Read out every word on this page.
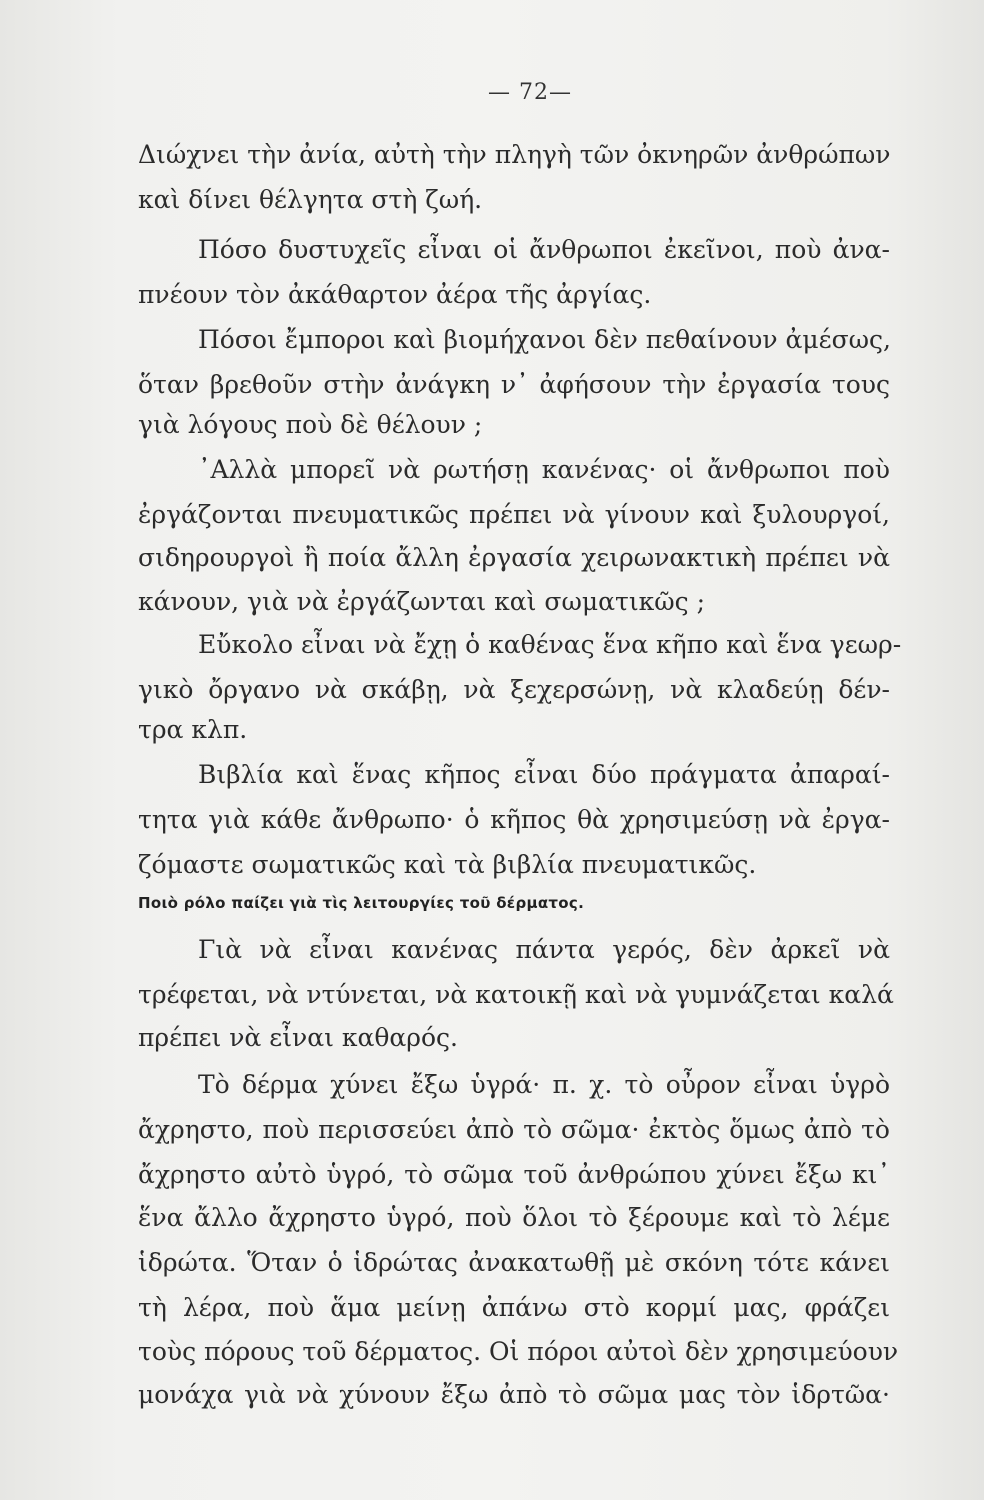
— 72—
Διώχνει τὴν ἀνία, αὐτὴ τὴν πληγὴ τῶν ὀκνηρῶν ἀνθρώπων
καὶ δίνει θέλγητα στὴ ζωή.
Πόσο δυστυχεῖς εἶναι οἱ ἄνθρωποι ἐκεῖνοι, ποὺ ἀνα-
πνέουν τὸν ἀκάθαρτον ἀέρα τῆς ἀργίας.
Πόσοι ἔμποροι καὶ βιομήχανοι δὲν πεθαίνουν ἀμέσως,
ὅταν βρεθοῦν στὴν ἀνάγκη ν᾽ ἀφήσουν τὴν ἐργασία τους
γιὰ λόγους ποὺ δὲ θέλουν ;
᾽Αλλὰ μπορεῖ νὰ ρωτήσῃ κανένας· οἱ ἄνθρωποι ποὺ
ἐργάζονται πνευματικῶς πρέπει νὰ γίνουν καὶ ξυλουργοί,
σιδηρουργοὶ ἢ ποία ἄλλη ἐργασία χειρωνακτικὴ πρέπει νὰ
κάνουν, γιὰ νὰ ἐργάζωνται καὶ σωματικῶς ;
Εὔκολο εἶναι νὰ ἔχῃ ὁ καθένας ἕνα κῆπο καὶ ἕνα γεωρ-
γικὸ ὄργανο νὰ σκάβῃ, νὰ ξεχερσώνῃ, νὰ κλαδεύῃ δέν-
τρα κλπ.
Βιβλία καὶ ἕνας κῆπος εἶναι δύο πράγματα ἀπαραί-
τητα γιὰ κάθε ἄνθρωπο· ὁ κῆπος θὰ χρησιμεύσῃ νὰ ἐργα-
ζόμαστε σωματικῶς καὶ τὰ βιβλία πνευματικῶς.
Ποιὸ ρόλο παίζει γιὰ τὶς λειτουργίες τοῦ δέρματος.
Γιὰ νὰ εἶναι κανένας πάντα γερός, δὲν ἀρκεῖ νὰ
τρέφεται, νὰ ντύνεται, νὰ κατοικῇ καὶ νὰ γυμνάζεται καλά
πρέπει νὰ εἶναι καθαρός.
Τὸ δέρμα χύνει ἔξω ὑγρά· π. χ. τὸ οὖρον εἶναι ὑγρὸ
ἄχρηστο, ποὺ περισσεύει ἀπὸ τὸ σῶμα· ἐκτὸς ὅμως ἀπὸ τὸ
ἄχρηστο αὐτὸ ὑγρό, τὸ σῶμα τοῦ ἀνθρώπου χύνει ἔξω κι᾽
ἕνα ἄλλο ἄχρηστο ὑγρό, ποὺ ὅλοι τὸ ξέρουμε καὶ τὸ λέμε
ἱδρώτα. Ὅταν ὁ ἱδρώτας ἀνακατωθῇ μὲ σκόνη τότε κάνει
τὴ λέρα, ποὺ ἅμα μείνῃ ἀπάνω στὸ κορμί μας, φράζει
τοὺς πόρους τοῦ δέρματος. Οἱ πόροι αὐτοὶ δὲν χρησιμεύουν
μονάχα γιὰ νὰ χύνουν ἔξω ἀπὸ τὸ σῶμα μας τὸν ἱδρτῶα·
